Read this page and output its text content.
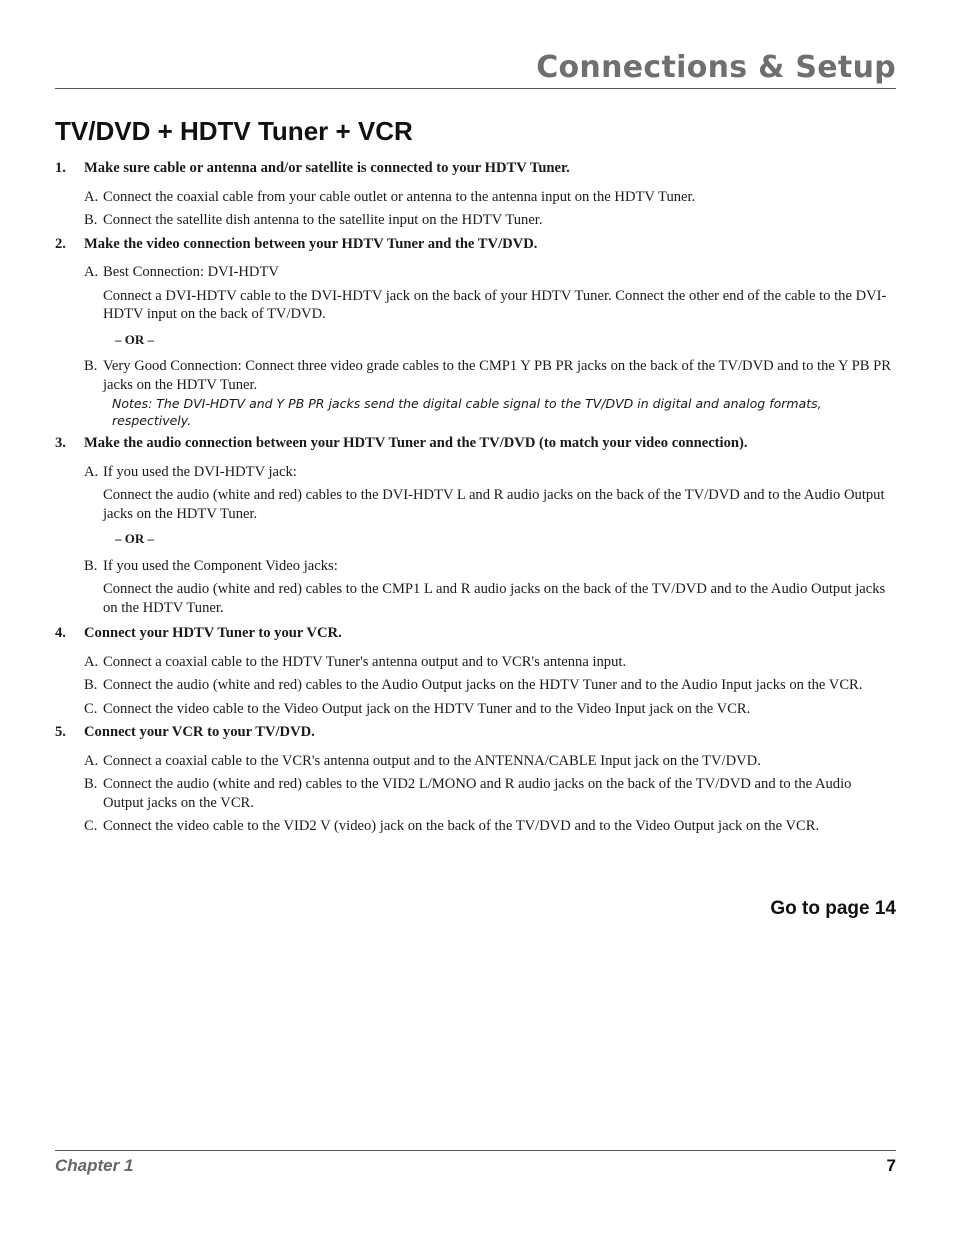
Connections & Setup
TV/DVD + HDTV Tuner + VCR
1. Make sure cable or antenna and/or satellite is connected to your HDTV Tuner.
A. Connect the coaxial cable from your cable outlet or antenna to the antenna input on the HDTV Tuner.
B. Connect the satellite dish antenna to the satellite input on the HDTV Tuner.
2. Make the video connection between your HDTV Tuner and the TV/DVD.
A. Best Connection: DVI-HDTV
Connect a DVI-HDTV cable to the DVI-HDTV jack on the back of your HDTV Tuner. Connect the other end of the cable to the DVI-HDTV input on the back of TV/DVD.
– OR –
B. Very Good Connection: Connect three video grade cables to the CMP1 Y PB PR jacks on the back of the TV/DVD and to the Y PB PR jacks on the HDTV Tuner.
Notes: The DVI-HDTV and Y PB PR jacks send the digital cable signal to the TV/DVD in digital and analog formats, respectively.
3. Make the audio connection between your HDTV Tuner and the TV/DVD (to match your video connection).
A. If you used the DVI-HDTV jack:
Connect the audio (white and red) cables to the DVI-HDTV L and R audio jacks on the back of the TV/DVD and to the Audio Output jacks on the HDTV Tuner.
– OR –
B. If you used the Component Video jacks:
Connect the audio (white and red) cables to the CMP1 L and R audio jacks on the back of the TV/DVD and to the Audio Output jacks on the HDTV Tuner.
4. Connect your HDTV Tuner to your VCR.
A. Connect a coaxial cable to the HDTV Tuner's antenna output and to VCR's antenna input.
B. Connect the audio (white and red) cables to the Audio Output jacks on the HDTV Tuner and to the Audio Input jacks on the VCR.
C. Connect the video cable to the Video Output jack on the HDTV Tuner and to the Video Input jack on the VCR.
5. Connect your VCR to your TV/DVD.
A. Connect a coaxial cable to the VCR's antenna output and to the ANTENNA/CABLE Input jack on the TV/DVD.
B. Connect the audio (white and red) cables to the VID2 L/MONO and R audio jacks on the back of the TV/DVD and to the Audio Output jacks on the VCR.
C. Connect the video cable to the VID2 V (video) jack on the back of the TV/DVD and to the Video Output jack on the VCR.
Go to page 14
Chapter 1	7
